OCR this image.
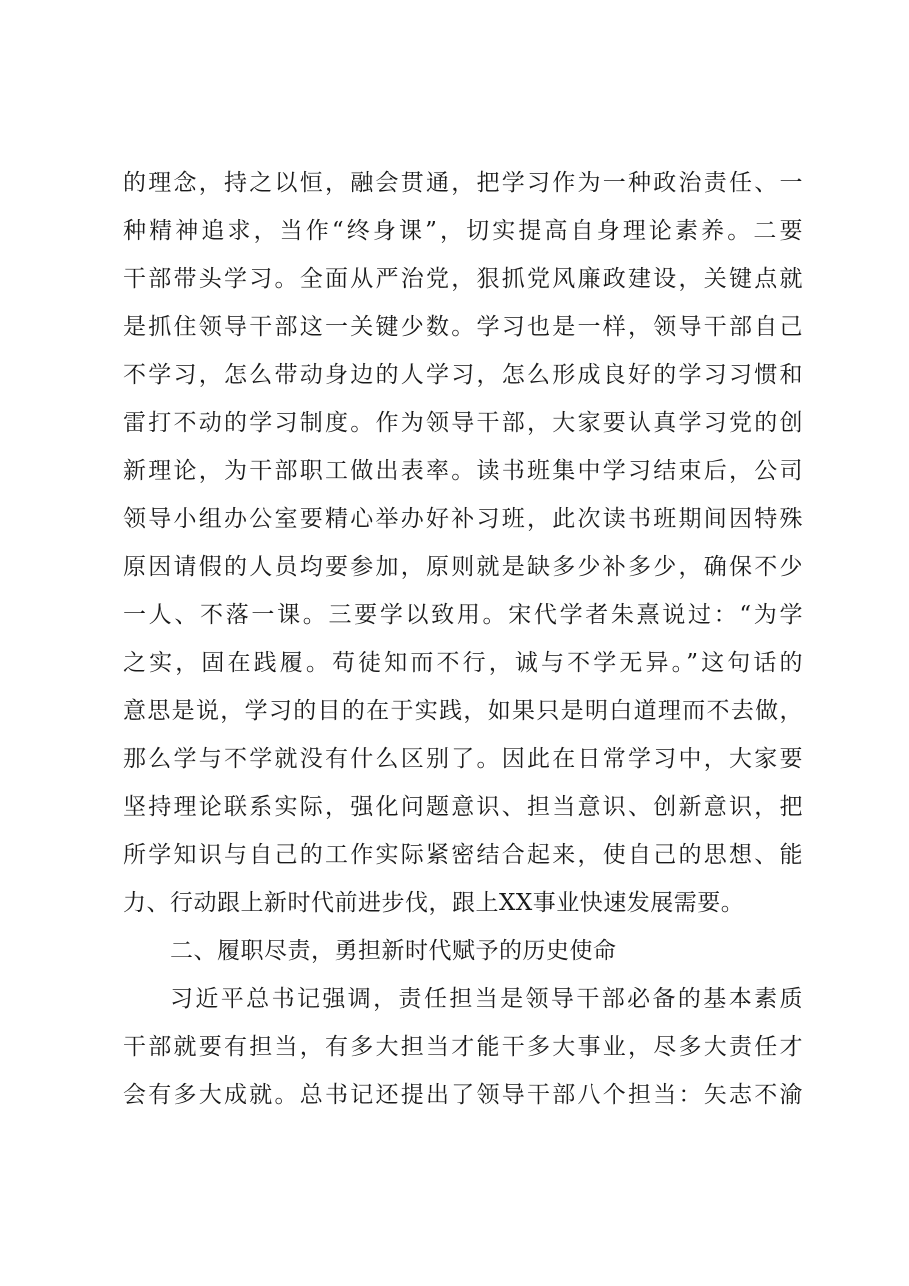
的理念，持之以恒，融会贯通，把学习作为一种政治责任、一
种精神追求，当作“终身课”，切实提高自身理论素养。二要
干部带头学习。全面从严治党，狠抓党风廉政建设，关键点就
是抓住领导干部这一关键少数。学习也是一样，领导干部自己
不学习，怎么带动身边的人学习，怎么形成良好的学习习惯和
雷打不动的学习制度。作为领导干部，大家要认真学习党的创
新理论，为干部职工做出表率。读书班集中学习结束后，公司
领导小组办公室要精心举办好补习班，此次读书班期间因特殊
原因请假的人员均要参加，原则就是缺多少补多少，确保不少
一人、不落一课。三要学以致用。宋代学者朱熹说过：“为学
之实，固在践履。苟徒知而不行，诚与不学无异。”这句话的
意思是说，学习的目的在于实践，如果只是明白道理而不去做，
那么学与不学就没有什么区别了。因此在日常学习中，大家要
坚持理论联系实际，强化问题意识、担当意识、创新意识，把
所学知识与自己的工作实际紧密结合起来，使自己的思想、能
力、行动跟上新时代前进步伐，跟上XX事业快速发展需要。
二、履职尽责，勇担新时代赋予的历史使命
习近平总书记强调，责任担当是领导干部必备的基本素质
干部就要有担当，有多大担当才能干多大事业，尽多大责任才
会有多大成就。总书记还提出了领导干部八个担当：矢志不渝
